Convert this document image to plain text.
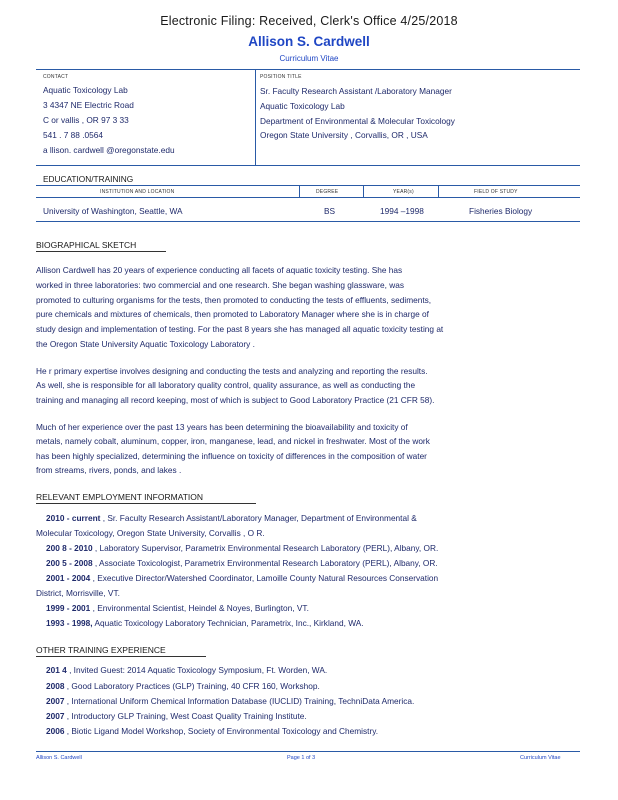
Electronic Filing: Received, Clerk's Office 4/25/2018
Allison S. Cardwell
Curriculum Vitae
CONTACT
Aquatic Toxicology Lab
3 4347 NE Electric Road
C or vallis , OR 97 3 33
541 . 7 88 .0564
a llison. cardwell @oregonstate.edu
POSITION TITLE
Sr. Faculty Research Assistant /Laboratory Manager
Aquatic Toxicology Lab
Department of Environmental & Molecular Toxicology
Oregon State University , Corvallis, OR , USA
EDUCATION/TRAINING
INSTITUTION AND LOCATION	DEGREE	YEAR(s)	FIELD OF STUDY
University of Washington, Seattle, WA	BS	1994 –1998	Fisheries Biology
BIOGRAPHICAL SKETCH
Allison Cardwell has 20 years of experience conducting all facets of aquatic toxicity testing. She has
worked in three laboratories: two commercial and one research. She began washing glassware, was
promoted to culturing organisms for the tests, then promoted to conducting the tests of effluents, sediments,
pure chemicals and mixtures of chemicals, then promoted to Laboratory Manager where she is in charge of
study design and implementation of testing. For the past 8 years she has managed all aquatic toxicity testing at
the Oregon State University Aquatic Toxicology Laboratory .
He r primary expertise involves designing and conducting the tests and analyzing and reporting the results.
As well, she is responsible for all laboratory quality control, quality assurance, as well as conducting the
training and managing all record keeping, most of which is subject to Good Laboratory Practice (21 CFR 58).
Much of her experience over the past 13 years has been determining the bioavailability and toxicity of
metals, namely cobalt, aluminum, copper, iron, manganese, lead, and nickel in freshwater. Most of the work
has been highly specialized, determining the influence on toxicity of differences in the composition of water
from streams, rivers, ponds, and lakes .
RELEVANT EMPLOYMENT INFORMATION
2010 - current , Sr. Faculty Research Assistant/Laboratory Manager, Department of Environmental &
Molecular Toxicology, Oregon State University, Corvallis , O R.
200 8 - 2010 , Laboratory Supervisor, Parametrix Environmental Research Laboratory (PERL), Albany, OR.
200 5 - 2008 , Associate Toxicologist, Parametrix Environmental Research Laboratory (PERL), Albany, OR.
2001 - 2004 , Executive Director/Watershed Coordinator, Lamoille County Natural Resources Conservation
District, Morrisville, VT.
1999 - 2001 , Environmental Scientist, Heindel & Noyes, Burlington, VT.
1993 - 1998, Aquatic Toxicology Laboratory Technician, Parametrix, Inc., Kirkland, WA.
OTHER TRAINING EXPERIENCE
201 4 , Invited Guest: 2014 Aquatic Toxicology Symposium, Ft. Worden, WA.
2008 , Good Laboratory Practices (GLP) Training, 40 CFR 160, Workshop.
2007 , International Uniform Chemical Information Database (IUCLID) Training, TechniData America.
2007 , Introductory GLP Training, West Coast Quality Training Institute.
2006 , Biotic Ligand Model Workshop, Society of Environmental Toxicology and Chemistry.
Allison S. Cardwell	Page 1 of 3	Curriculum Vitae
